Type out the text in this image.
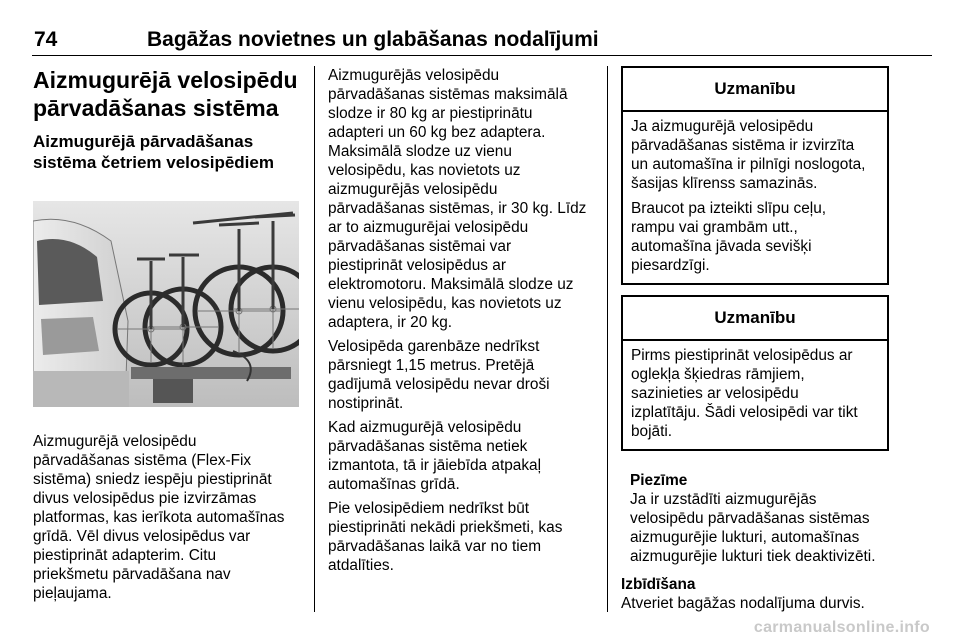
74	Bagāžas novietnes un glabāšanas nodalījumi
Aizmugurējā velosipēdu
pārvadāšanas sistēma
Aizmugurējā pārvadāšanas
sistēma četriem velosipēdiem

Aizmugurējā velosipēdu

pārvadāšanas sistēma (Flex-Fix

sistēma) sniedz iespēju piestiprināt

divus velosipēdus pie izvirzāmas

platformas, kas ierīkota automašīnas

grīdā. Vēl divus velosipēdus var

piestiprināt adapterim. Citu

priekšmetu pārvadāšana nav

pieļaujama.

Aizmugurējās velosipēdu
pārvadāšanas sistēmas maksimālā
slodze ir 80 kg ar piestiprinātu
adapteri un 60 kg bez adaptera.
Maksimālā slodze uz vienu
velosipēdu, kas novietots uz
aizmugurējās velosipēdu
pārvadāšanas sistēmas, ir 30 kg. Līdz
ar to aizmugurējai velosipēdu
pārvadāšanas sistēmai var
piestiprināt velosipēdus ar
elektromotoru. Maksimālā slodze uz
vienu velosipēdu, kas novietots uz
adaptera, ir 20 kg.

Velosipēda garenbāze nedrīkst
pārsniegt 1,15 metrus. Pretējā
gadījumā velosipēdu nevar droši
nostiprināt.

Kad aizmugurējā velosipēdu
pārvadāšanas sistēma netiek
izmantota, tā ir jāiebīda atpakaļ
automašīnas grīdā.

Pie velosipēdiem nedrīkst būt
piestiprināti nekādi priekšmeti, kas
pārvadāšanas laikā var no tiem
atdalīties.

Uzmanību

Ja aizmugurējā velosipēdu
pārvadāšanas sistēma ir izvirzīta
un automašīna ir pilnīgi noslogota,
šasijas klīrenss samazinās.

Braucot pa izteikti slīpu ceļu,
rampu vai grambām utt.,
automašīna jāvada sevišķi
piesardzīgi.

Uzmanību

Pirms piestiprināt velosipēdus ar
oglekļa šķiedras rāmjiem,
sazinieties ar velosipēdu
izplatītāju. Šādi velosipēdi var tikt
bojāti.

Piezīme
Ja ir uzstādīti aizmugurējās
velosipēdu pārvadāšanas sistēmas
aizmugurējie lukturi, automašīnas
aizmugurējie lukturi tiek deaktivizēti.
Izbīdīšana
Atveriet bagāžas nodalījuma durvis.
carmanualsonline.info
